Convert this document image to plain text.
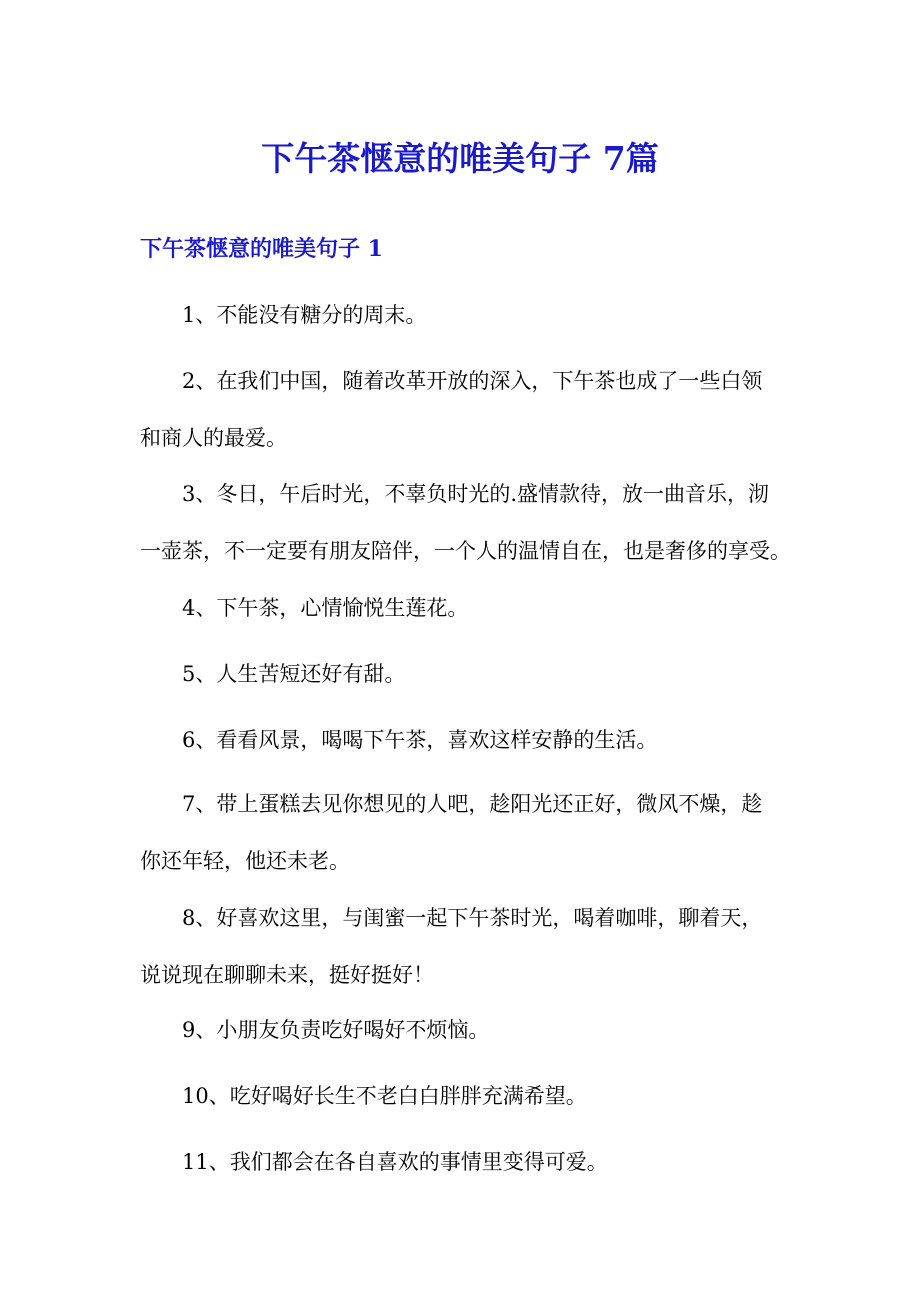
下午茶惬意的唯美句子 7篇
下午茶惬意的唯美句子 1

1、不能没有糖分的周末。

2、在我们中国，随着改革开放的深入，下午茶也成了一些白领
和商人的最爱。

3、冬日，午后时光，不辜负时光的.盛情款待，放一曲音乐，沏
一壶茶，不一定要有朋友陪伴，一个人的温情自在，也是奢侈的享受。

4、下午茶，心情愉悦生莲花。

5、人生苦短还好有甜。

6、看看风景，喝喝下午茶，喜欢这样安静的生活。

7、带上蛋糕去见你想见的人吧，趁阳光还正好，微风不燥，趁
你还年轻，他还未老。

8、好喜欢这里，与闺蜜一起下午茶时光，喝着咖啡，聊着天，
说说现在聊聊未来，挺好挺好！

9、小朋友负责吃好喝好不烦恼。

10、吃好喝好长生不老白白胖胖充满希望。

11、我们都会在各自喜欢的事情里变得可爱。
